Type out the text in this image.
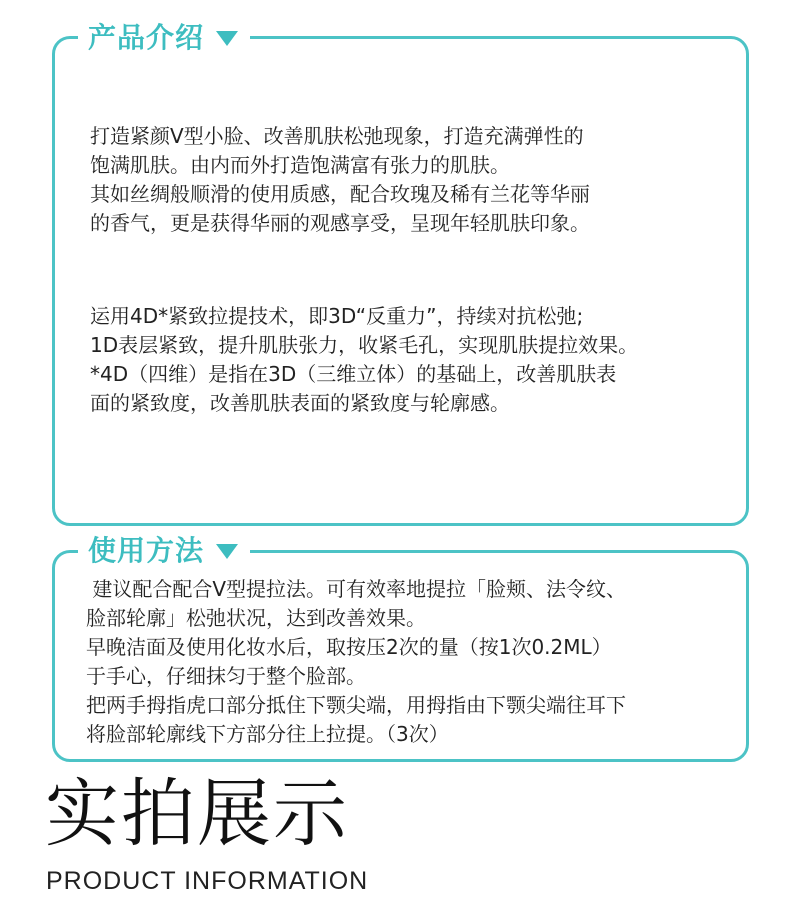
产品介绍
打造紧颜V型小脸、改善肌肤松弛现象，打造充满弹性的
饱满肌肤。由内而外打造饱满富有张力的肌肤。
其如丝绸般顺滑的使用质感，配合玫瑰及稀有兰花等华丽
的香气，更是获得华丽的观感享受，呈现年轻肌肤印象。
运用4D*紧致拉提技术，即3D“反重力”，持续对抗松弛;
1D表层紧致，提升肌肤张力，收紧毛孔，实现肌肤提拉效果。
*4D（四维）是指在3D（三维立体）的基础上，改善肌肤表
面的紧致度，改善肌肤表面的紧致度与轮廓感。
使用方法
建议配合配合V型提拉法。可有效率地提拉「脸颊、法令纹、
脸部轮廓」松弛状况，达到改善效果。
早晚洁面及使用化妆水后，取按压2次的量（按1次0.2ML）
于手心，仔细抹匀于整个脸部。
把两手拇指虎口部分抵住下颚尖端，用拇指由下颚尖端往耳下
将脸部轮廓线下方部分往上拉提。（3次）
实拍展示
PRODUCT INFORMATION
